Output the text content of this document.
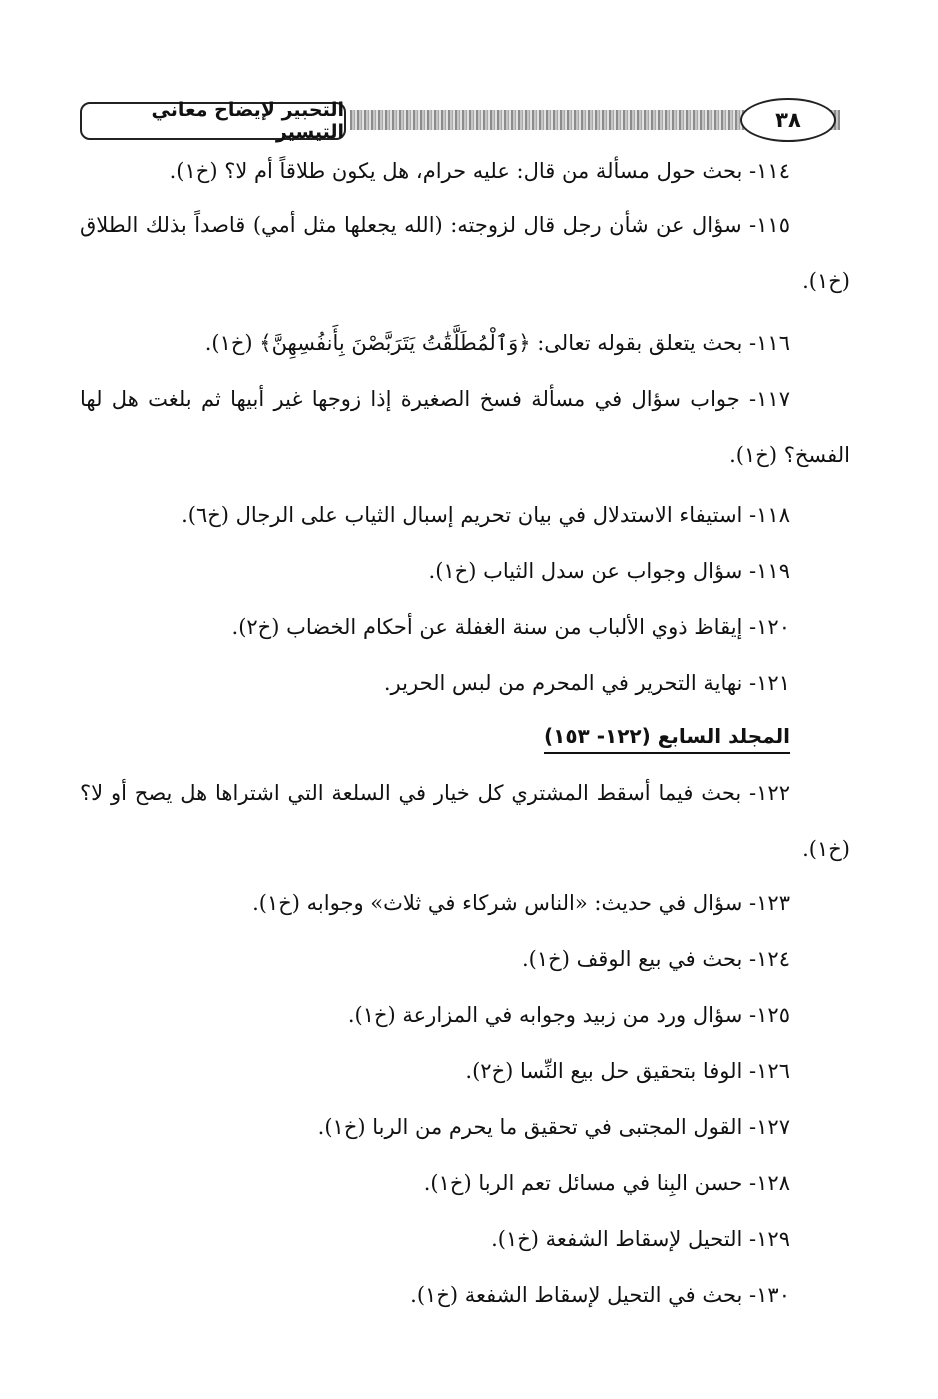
التحبير لإيضاح معاني التيسير	٣٨
١١٤- بحث حول مسألة من قال: عليه حرام، هل يكون طلاقاً أم لا؟ (خ١).
١١٥- سؤال عن شأن رجل قال لزوجته: (الله يجعلها مثل أمي) قاصداً بذلك الطلاق
(خ١).
١١٦- بحث يتعلق بقوله تعالى: ﴿وَٱلْمُطَلَّقَٰتُ يَتَرَبَّصْنَ بِأَنفُسِهِنَّ﴾ (خ١).
١١٧- جواب سؤال في مسألة فسخ الصغيرة إذا زوجها غير أبيها ثم بلغت هل لها
الفسخ؟ (خ١).
١١٨- استيفاء الاستدلال في بيان تحريم إسبال الثياب على الرجال (خ٦).
١١٩- سؤال وجواب عن سدل الثياب (خ١).
١٢٠- إيقاظ ذوي الألباب من سنة الغفلة عن أحكام الخضاب (خ٢).
١٢١- نهاية التحرير في المحرم من لبس الحرير.
المجلد السابع (١٢٢- ١٥٣)
١٢٢- بحث فيما أسقط المشتري كل خيار في السلعة التي اشتراها هل يصح أو لا؟
(خ١).
١٢٣- سؤال في حديث: «الناس شركاء في ثلاث» وجوابه (خ١).
١٢٤- بحث في بيع الوقف (خ١).
١٢٥- سؤال ورد من زبيد وجوابه في المزارعة (خ١).
١٢٦- الوفا بتحقيق حل بيع النِّسا (خ٢).
١٢٧- القول المجتبى في تحقيق ما يحرم من الربا (خ١).
١٢٨- حسن البِنا في مسائل تعم الربا (خ١).
١٢٩- التحيل لإسقاط الشفعة (خ١).
١٣٠- بحث في التحيل لإسقاط الشفعة (خ١).
